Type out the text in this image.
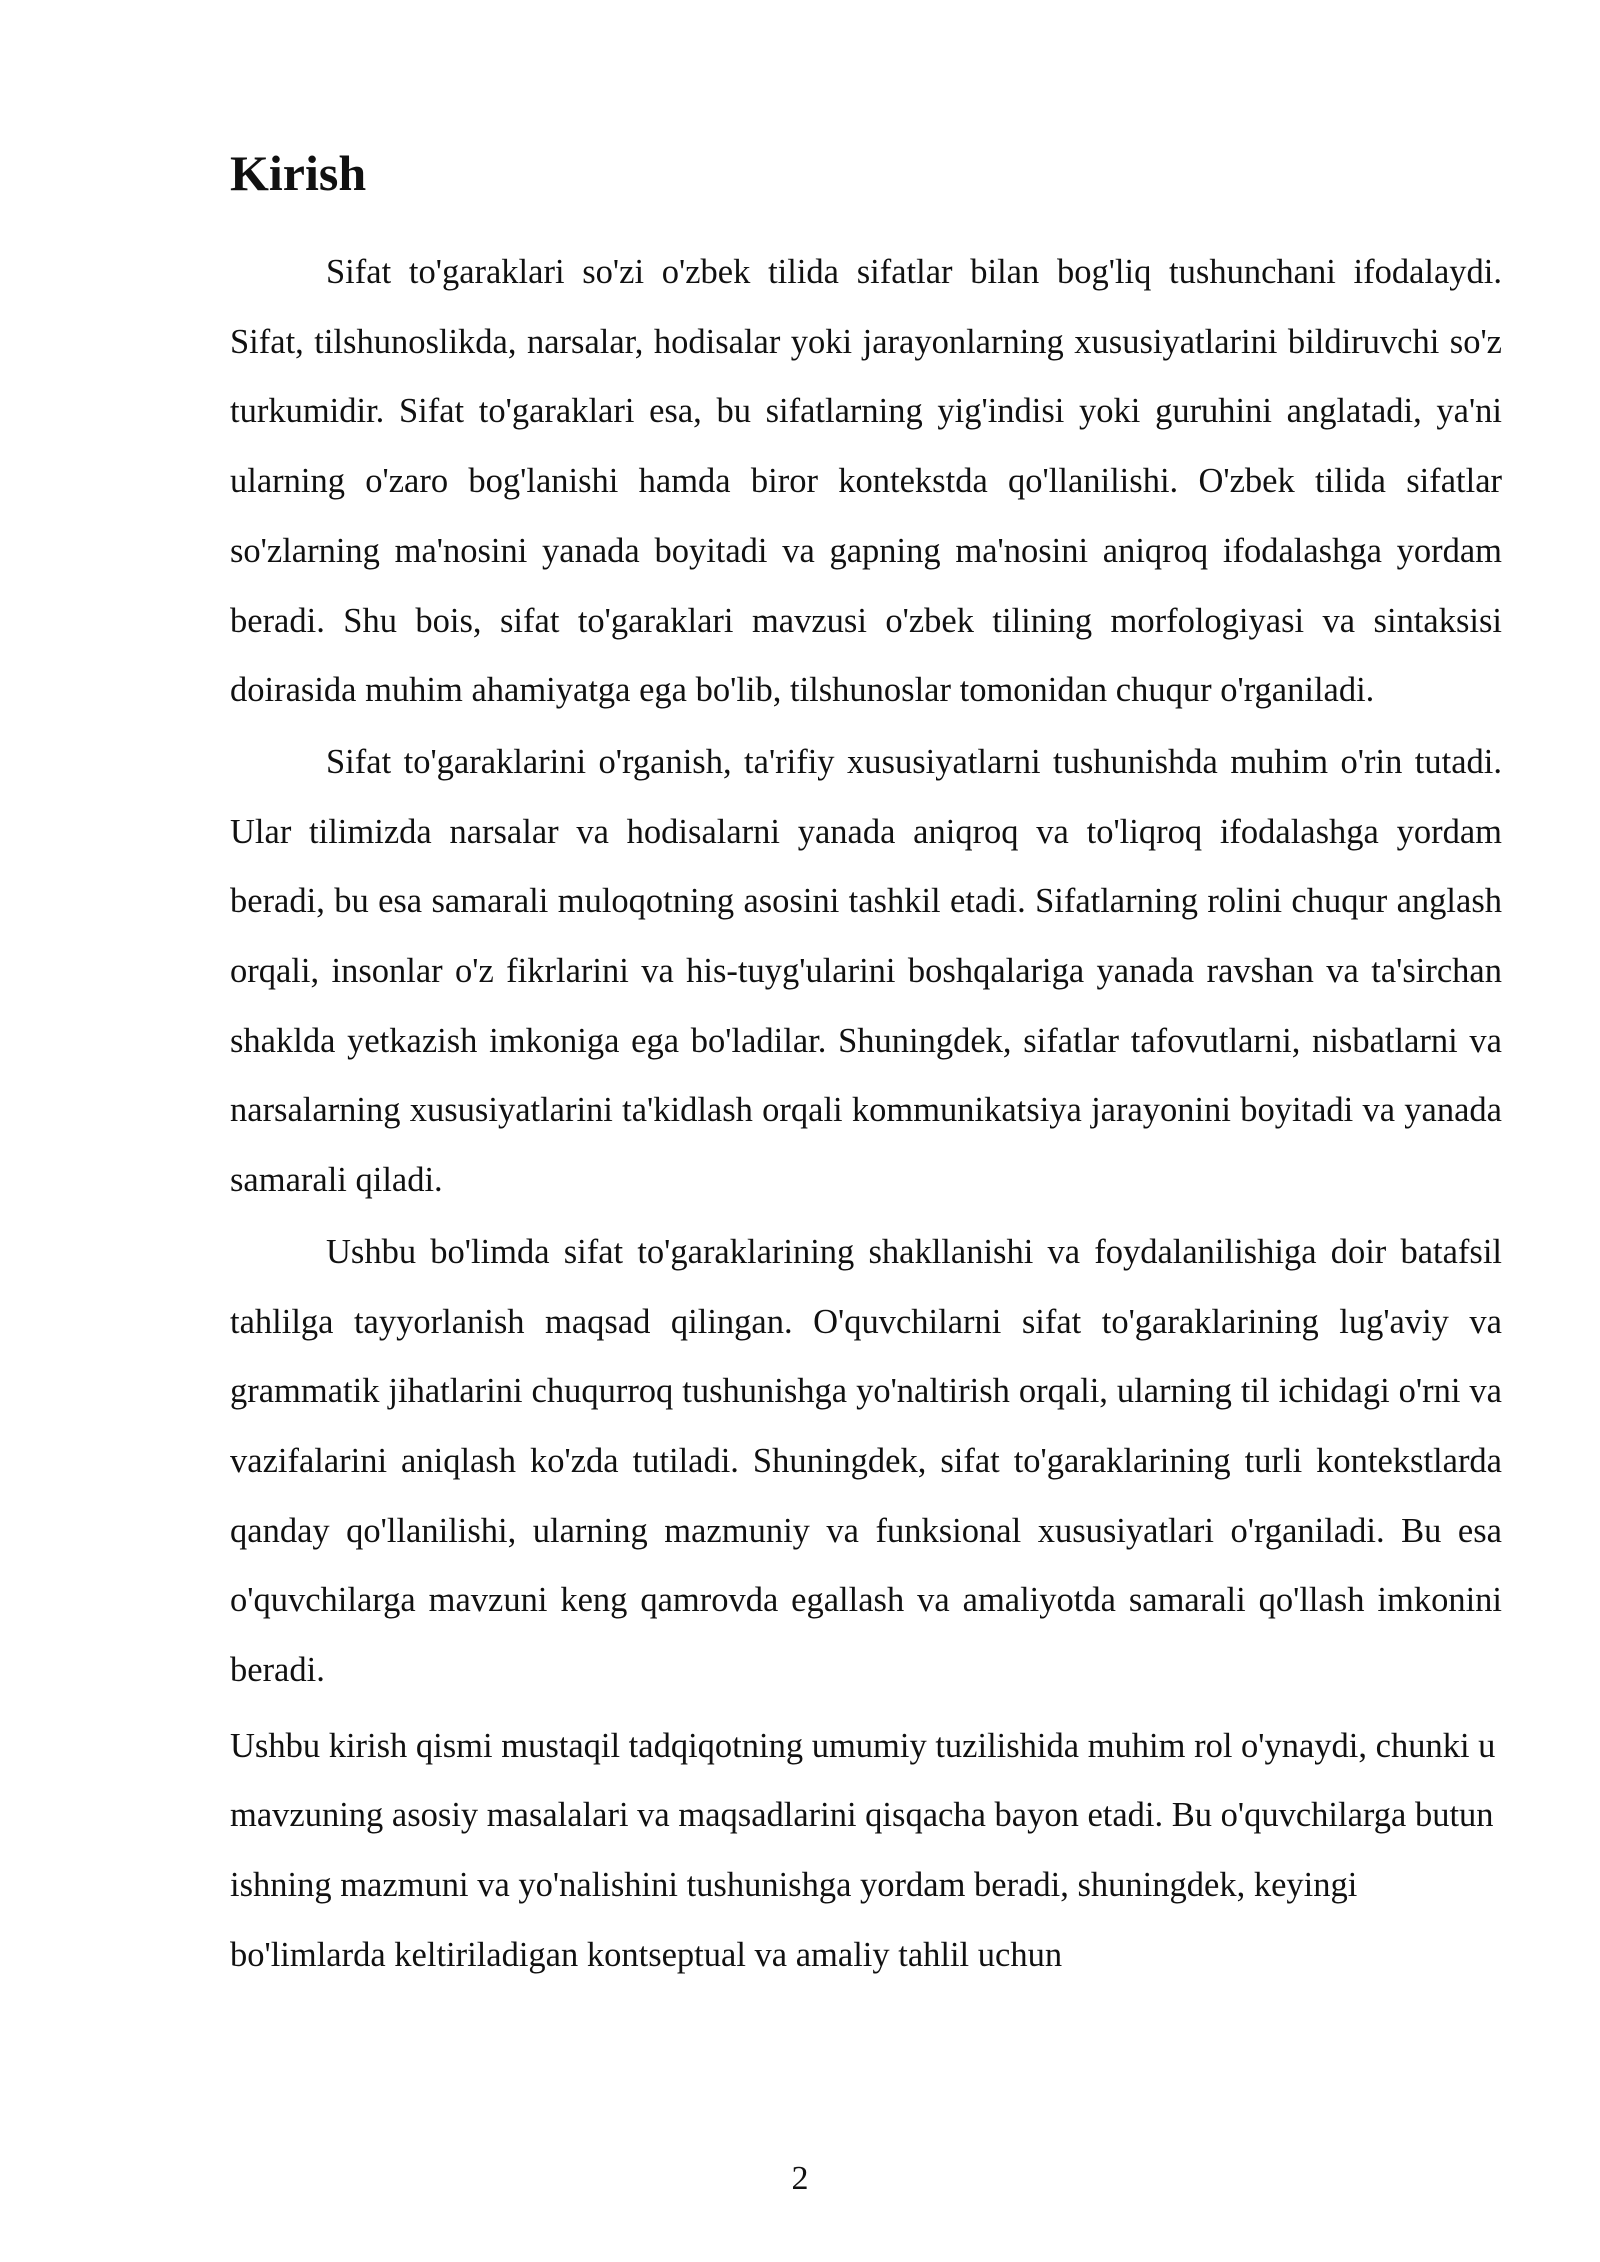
Kirish

Sifat to'garaklari so'zi o'zbek tilida sifatlar bilan bog'liq tushunchani ifodalaydi. Sifat, tilshunoslikda, narsalar, hodisalar yoki jarayonlarning xususiyatlarini bildiruvchi so'z turkumidir. Sifat to'garaklari esa, bu sifatlarning yig'indisi yoki guruhini anglatadi, ya'ni ularning o'zaro bog'lanishi hamda biror kontekstda qo'llanilishi. O'zbek tilida sifatlar so'zlarning ma'nosini yanada boyitadi va gapning ma'nosini aniqroq ifodalashga yordam beradi. Shu bois, sifat to'garaklari mavzusi o'zbek tilining morfologiyasi va sintaksisi doirasida muhim ahamiyatga ega bo'lib, tilshunoslar tomonidan chuqur o'rganiladi.

Sifat to'garaklarini o'rganish, ta'rifiy xususiyatlarni tushunishda muhim o'rin tutadi. Ular tilimizda narsalar va hodisalarni yanada aniqroq va to'liqroq ifodalashga yordam beradi, bu esa samarali muloqotning asosini tashkil etadi. Sifatlarning rolini chuqur anglash orqali, insonlar o'z fikrlarini va his-tuyg'ularini boshqalariga yanada ravshan va ta'sirchan shaklda yetkazish imkoniga ega bo'ladilar. Shuningdek, sifatlar tafovutlarni, nisbatlarni va narsalarning xususiyatlarini ta'kidlash orqali kommunikatsiya jarayonini boyitadi va yanada samarali qiladi.

Ushbu bo'limda sifat to'garaklarining shakllanishi va foydalanilishiga doir batafsil tahlilga tayyorlanish maqsad qilingan. O'quvchilarni sifat to'garaklarining lug'aviy va grammatik jihatlarini chuqurroq tushunishga yo'naltirish orqali, ularning til ichidagi o'rni va vazifalarini aniqlash ko'zda tutiladi. Shuningdek, sifat to'garaklarining turli kontekstlarda qanday qo'llanilishi, ularning mazmuniy va funksional xususiyatlari o'rganiladi. Bu esa o'quvchilarga mavzuni keng qamrovda egallash va amaliyotda samarali qo'llash imkonini beradi.

Ushbu kirish qismi mustaqil tadqiqotning umumiy tuzilishida muhim rol o'ynaydi, chunki u mavzuning asosiy masalalari va maqsadlarini qisqacha bayon etadi. Bu o'quvchilarga butun ishning mazmuni va yo'nalishini tushunishga yordam beradi, shuningdek, keyingi bo'limlarda keltiriladigan kontseptual va amaliy tahlil uchun

2
